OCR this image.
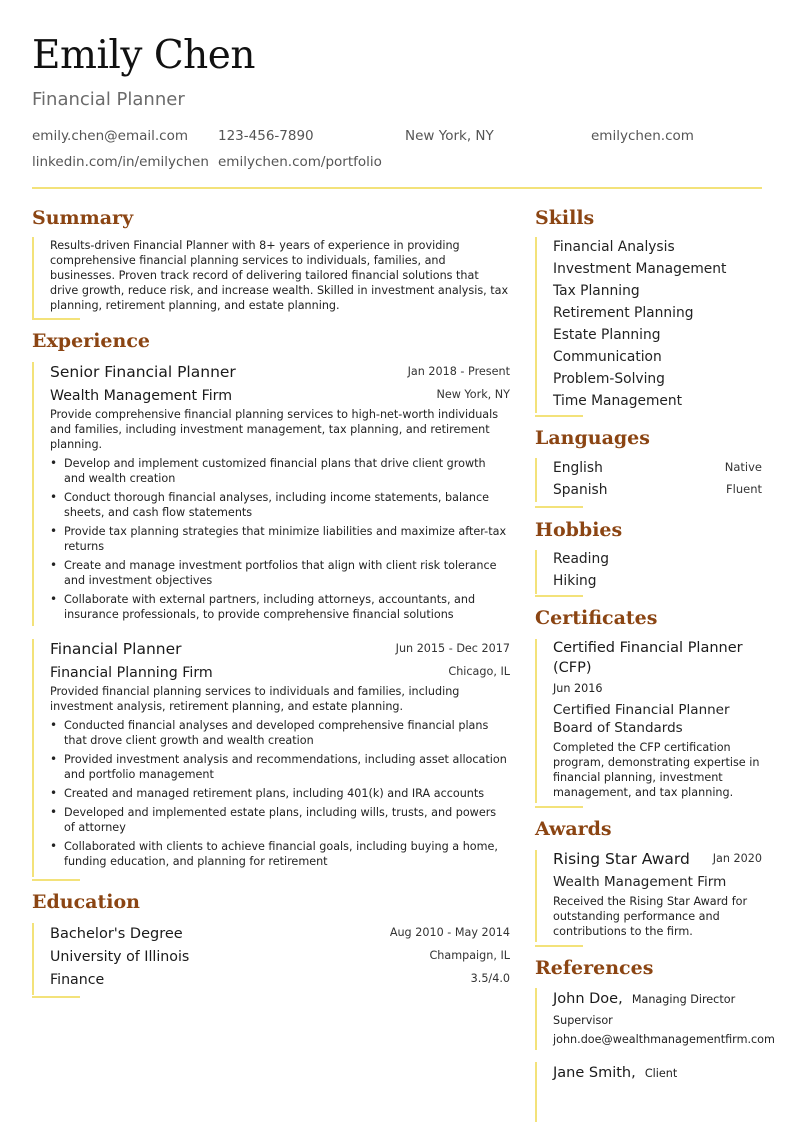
Emily Chen
Financial Planner
emily.chen@email.com 123-456-7890	New York, NY	emilychen.com
linkedin.com/in/emilychen emilychen.com/portfolio
Summary
Results-driven Financial Planner with 8+ years of experience in providing comprehensive financial planning services to individuals, families, and businesses. Proven track record of delivering tailored financial solutions that drive growth, reduce risk, and increase wealth. Skilled in investment analysis, tax planning, retirement planning, and estate planning.
Experience
Senior Financial Planner	Jan 2018 - Present
Wealth Management Firm	New York, NY
Provide comprehensive financial planning services to high-net-worth individuals and families, including investment management, tax planning, and retirement planning.
• Develop and implement customized financial plans that drive client growth and wealth creation
• Conduct thorough financial analyses, including income statements, balance sheets, and cash flow statements
• Provide tax planning strategies that minimize liabilities and maximize after-tax returns
• Create and manage investment portfolios that align with client risk tolerance and investment objectives
• Collaborate with external partners, including attorneys, accountants, and insurance professionals, to provide comprehensive financial solutions
Financial Planner	Jun 2015 - Dec 2017
Financial Planning Firm	Chicago, IL
Provided financial planning services to individuals and families, including investment analysis, retirement planning, and estate planning.
• Conducted financial analyses and developed comprehensive financial plans that drove client growth and wealth creation
• Provided investment analysis and recommendations, including asset allocation and portfolio management
• Created and managed retirement plans, including 401(k) and IRA accounts
• Developed and implemented estate plans, including wills, trusts, and powers of attorney
• Collaborated with clients to achieve financial goals, including buying a home, funding education, and planning for retirement
Education
Bachelor's Degree	Aug 2010 - May 2014
University of Illinois	Champaign, IL
Finance	3.5/4.0
Skills
Financial Analysis
Investment Management
Tax Planning
Retirement Planning
Estate Planning
Communication
Problem-Solving
Time Management
Languages
English	Native
Spanish	Fluent
Hobbies
Reading
Hiking
Certificates
Certified Financial Planner (CFP)
Jun 2016
Certified Financial Planner Board of Standards
Completed the CFP certification program, demonstrating expertise in financial planning, investment management, and tax planning.
Awards
Rising Star Award Jan 2020
Wealth Management Firm
Received the Rising Star Award for outstanding performance and contributions to the firm.
References
John Doe, Managing Director
Supervisor
john.doe@wealthmanagementfirm.com
Jane Smith, Client
